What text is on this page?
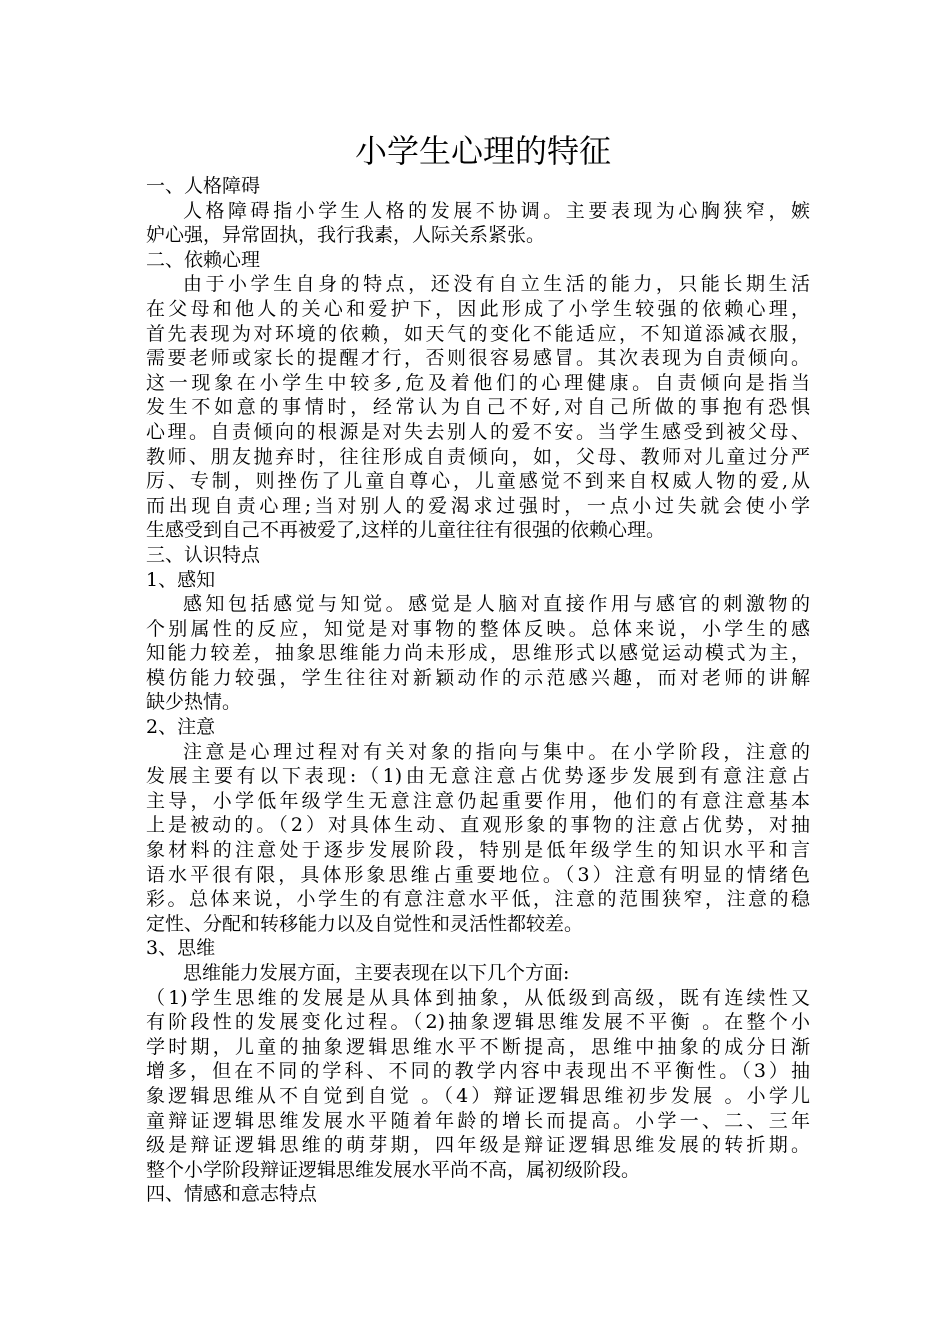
小学生心理的特征

一、人格障碍

人格障碍指小学生人格的发展不协调。主要表现为心胸狭窄，嫉

妒心强，异常固执，我行我素，人际关系紧张。

二、依赖心理

由于小学生自身的特点，还没有自立生活的能力，只能长期生活

在父母和他人的关心和爱护下，因此形成了小学生较强的依赖心理，

首先表现为对环境的依赖，如天气的变化不能适应，不知道添减衣服，

需要老师或家长的提醒才行，否则很容易感冒。其次表现为自责倾向。

这一现象在小学生中较多,危及着他们的心理健康。自责倾向是指当

发生不如意的事情时，经常认为自己不好,对自己所做的事抱有恐惧

心理。自责倾向的根源是对失去别人的爱不安。当学生感受到被父母、

教师、朋友抛弃时，往往形成自责倾向，如，父母、教师对儿童过分严

厉、专制，则挫伤了儿童自尊心，儿童感觉不到来自权威人物的爱,从

而出现自责心理;当对别人的爱渴求过强时，一点小过失就会使小学

生感受到自己不再被爱了,这样的儿童往往有很强的依赖心理。

三、认识特点

1、感知

感知包括感觉与知觉。感觉是人脑对直接作用与感官的刺激物的

个别属性的反应，知觉是对事物的整体反映。总体来说，小学生的感

知能力较差，抽象思维能力尚未形成，思维形式以感觉运动模式为主，

模仿能力较强，学生往往对新颖动作的示范感兴趣，而对老师的讲解

缺少热情。

2、注意

注意是心理过程对有关对象的指向与集中。在小学阶段，注意的

发展主要有以下表现:（1)由无意注意占优势逐步发展到有意注意占

主导，小学低年级学生无意注意仍起重要作用，他们的有意注意基本

上是被动的。（2）对具体生动、直观形象的事物的注意占优势，对抽

象材料的注意处于逐步发展阶段，特别是低年级学生的知识水平和言

语水平很有限，具体形象思维占重要地位。（3）注意有明显的情绪色

彩。总体来说，小学生的有意注意水平低，注意的范围狭窄，注意的稳

定性、分配和转移能力以及自觉性和灵活性都较差。

3、思维

思维能力发展方面，主要表现在以下几个方面:

（1)学生思维的发展是从具体到抽象，从低级到高级，既有连续性又

有阶段性的发展变化过程。（2)抽象逻辑思维发展不平衡 。在整个小

学时期，儿童的抽象逻辑思维水平不断提高，思维中抽象的成分日渐

增多，但在不同的学科、不同的教学内容中表现出不平衡性。（3）抽

象逻辑思维从不自觉到自觉 。（4）辩证逻辑思维初步发展 。小学儿

童辩证逻辑思维发展水平随着年龄的增长而提高。小学一、二、三年

级是辩证逻辑思维的萌芽期，四年级是辩证逻辑思维发展的转折期。

整个小学阶段辩证逻辑思维发展水平尚不高，属初级阶段。

四、情感和意志特点
